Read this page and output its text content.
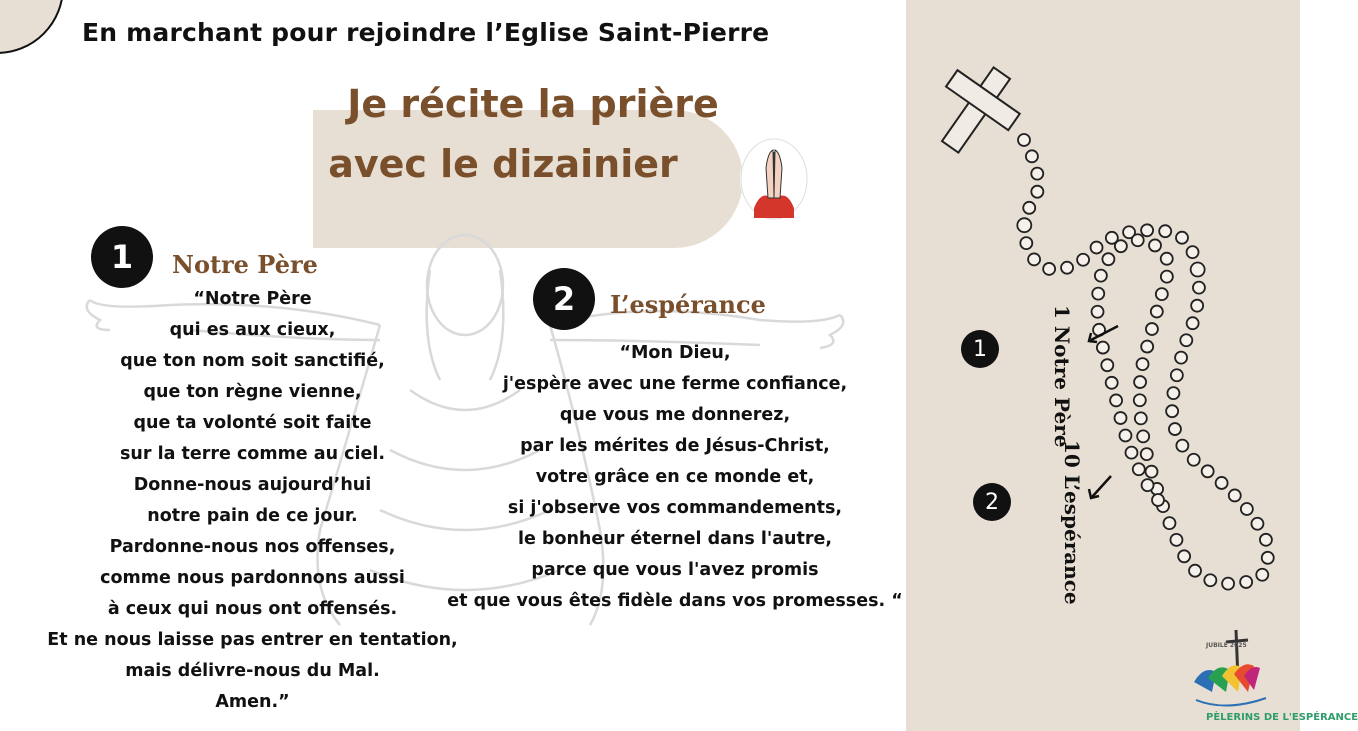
En marchant pour rejoindre l’Eglise Saint-Pierre
Je récite la prière
avec le dizainier
1	Notre Père
“Notre Père
qui es aux cieux,
que ton nom soit sanctifié,
que ton règne vienne,
que ta volonté soit faite
sur la terre comme au ciel.
Donne-nous aujourd’hui
notre pain de ce jour.
Pardonne-nous nos offenses,
comme nous pardonnons aussi
à ceux qui nous ont offensés.
Et ne nous laisse pas entrer en tentation,
mais délivre-nous du Mal.
Amen.”
2	L’espérance
“Mon Dieu,
j'espère avec une ferme confiance,
que vous me donnerez,
par les mérites de Jésus-Christ,
votre grâce en ce monde et,
si j'observe vos commandements,
le bonheur éternel dans l'autre,
parce que vous l'avez promis
et que vous êtes fidèle dans vos promesses. “
1	1 Notre Père
2	10 L’espérance
PÈLERINS DE L'ESPÉRANCE
JUBILÉ 2025
